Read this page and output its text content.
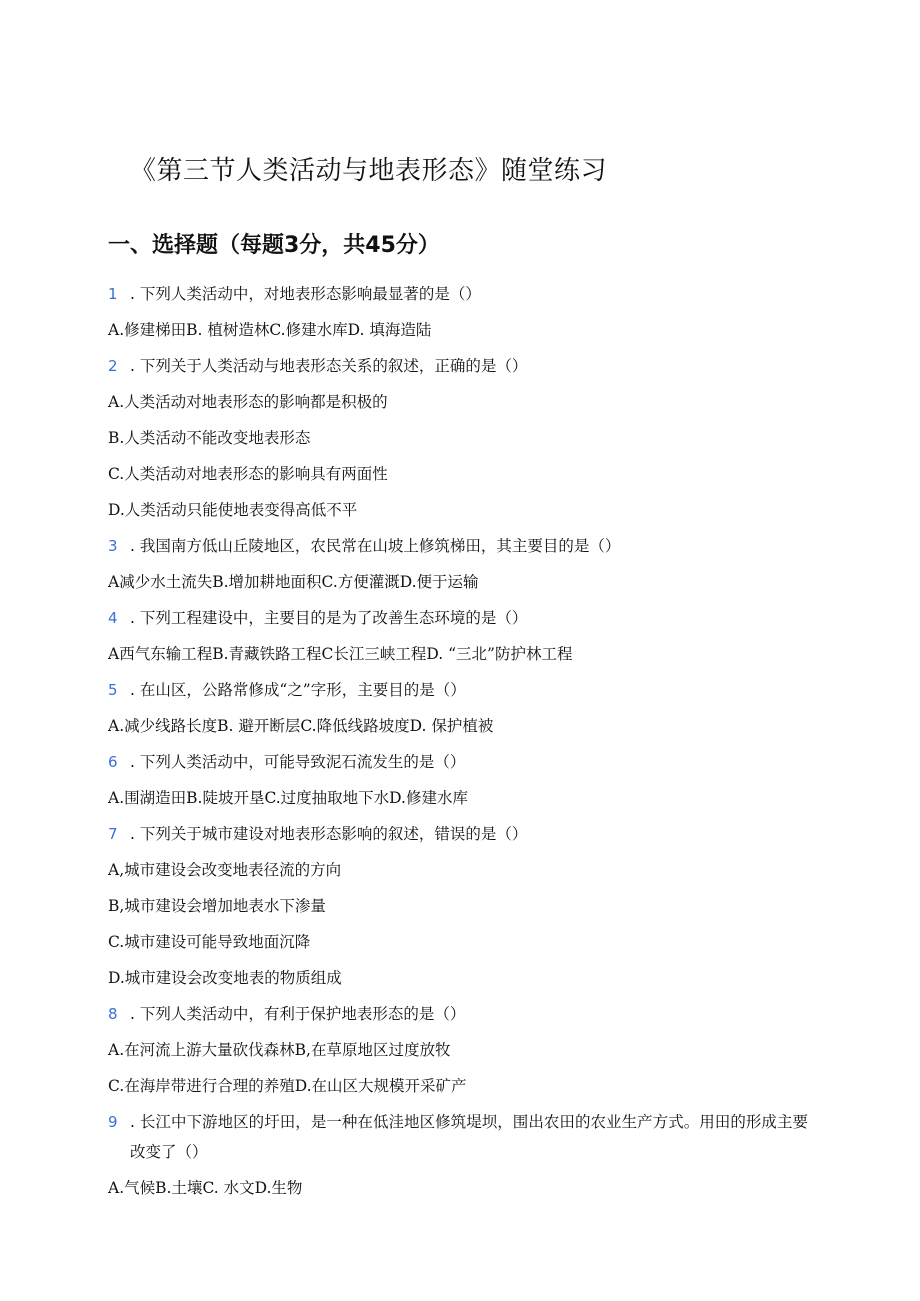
《第三节人类活动与地表形态》随堂练习
一、选择题（每题3分，共45分）
1 . 下列人类活动中，对地表形态影响最显著的是（）
A.修建梯田B. 植树造林C.修建水库D. 填海造陆
2 . 下列关于人类活动与地表形态关系的叙述，正确的是（）
A.人类活动对地表形态的影响都是积极的
B.人类活动不能改变地表形态
C.人类活动对地表形态的影响具有两面性
D.人类活动只能使地表变得高低不平
3 . 我国南方低山丘陵地区，农民常在山坡上修筑梯田，其主要目的是（）
A减少水土流失B.增加耕地面积C.方便灌溉D.便于运输
4 . 下列工程建设中，主要目的是为了改善生态环境的是（）
A西气东输工程B.青藏铁路工程C长江三峡工程D. “三北”防护林工程
5 . 在山区，公路常修成“之”字形，主要目的是（）
A.减少线路长度B. 避开断层C.降低线路坡度D. 保护植被
6 . 下列人类活动中，可能导致泥石流发生的是（）
A.围湖造田B.陡坡开垦C.过度抽取地下水D.修建水库
7 . 下列关于城市建设对地表形态影响的叙述，错误的是（）
A,城市建设会改变地表径流的方向
B,城市建设会增加地表水下渗量
C.城市建设可能导致地面沉降
D.城市建设会改变地表的物质组成
8 . 下列人类活动中，有利于保护地表形态的是（）
A.在河流上游大量砍伐森林B,在草原地区过度放牧
C.在海岸带进行合理的养殖D.在山区大规模开采矿产
9 . 长江中下游地区的圩田，是一种在低洼地区修筑堤坝，围出农田的农业生产方式。用田的形成主要改变了（）
A.气候B.土壤C. 水文D.生物
